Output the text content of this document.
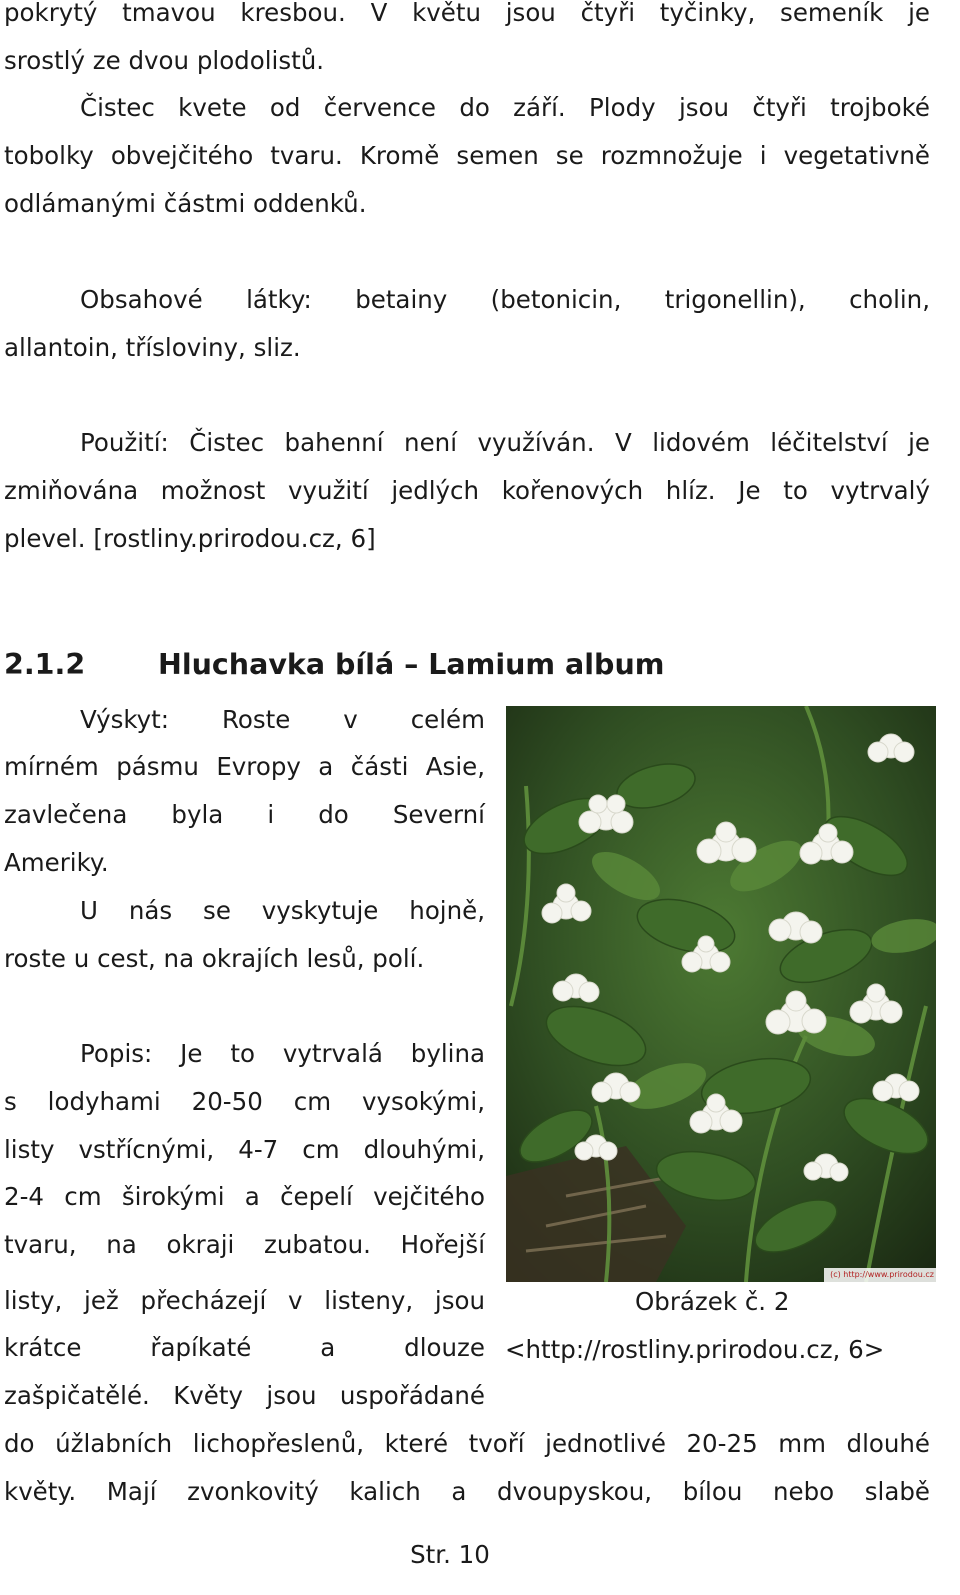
pokrytý tmavou kresbou. V květu jsou čtyři tyčinky, semeník je
srostlý ze dvou plodolistů.
Čistec kvete od července do září. Plody jsou čtyři trojboké
tobolky obvejčitého tvaru. Kromě semen se rozmnožuje i vegetativně
odlámanými částmi oddenků.
Obsahové látky: betainy (betonicin, trigonellin), cholin,
allantoin, třísloviny, sliz.
Použití: Čistec bahenní není využíván. V lidovém léčitelství je
zmiňována možnost využití jedlých kořenových hlíz. Je to vytrvalý
plevel. [rostliny.prirodou.cz, 6]
2.1.2	Hluchavka bílá – Lamium album
Výskyt: Roste v celém
mírném pásmu Evropy a části Asie,
zavlečena byla i do Severní
Ameriky.
U nás se vyskytuje hojně,
roste u cest, na okrajích lesů, polí.
Popis: Je to vytrvalá bylina
s lodyhami 20-50 cm vysokými,
listy vstřícnými, 4-7 cm dlouhými,
2-4 cm širokými a čepelí vejčitého
tvaru, na okraji zubatou. Hořejší
listy, jež přecházejí v listeny, jsou
krátce řapíkaté a dlouze
zašpičatělé. Květy jsou uspořádané
do úžlabních lichopřeslenů, které tvoří jednotlivé 20-25 mm dlouhé
květy. Mají zvonkovitý kalich a dvoupyskou, bílou nebo slabě
(c) http://www.prirodou.cz
Obrázek č. 2
<http://rostliny.prirodou.cz, 6>
Str. 10
